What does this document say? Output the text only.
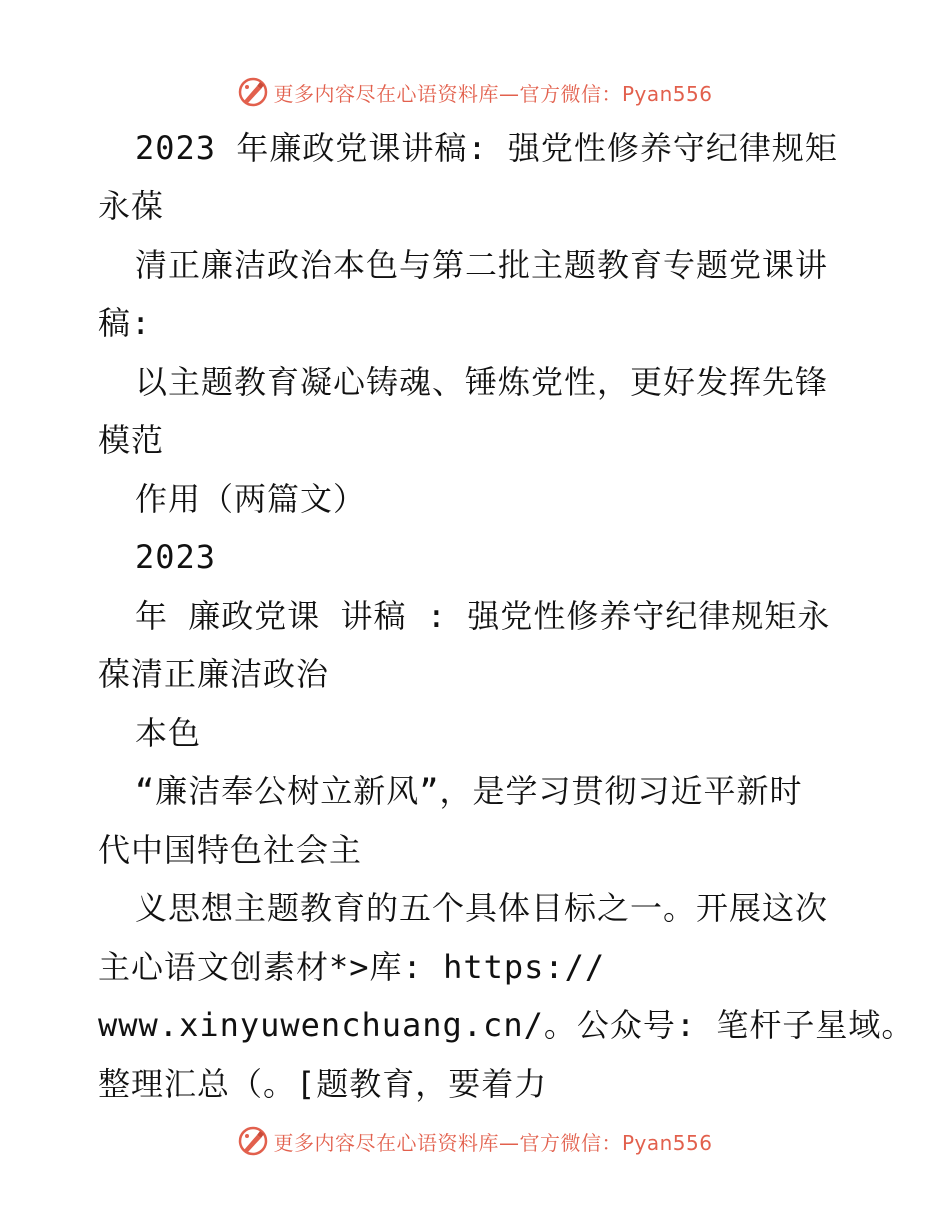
更多内容尽在心语资料库—官方微信：Pyan556
2023 年廉政党课讲稿: 强党性修养守纪律规矩
永葆
清正廉洁政治本色与第二批主题教育专题党课讲
稿:
以主题教育凝心铸魂、锤炼党性，更好发挥先锋
模范
作用（两篇文）
2023
年 廉政党课 讲稿 : 强党性修养守纪律规矩永
葆清正廉洁政治
本色
“廉洁奉公树立新风”，是学习贯彻习近平新时
代中国特色社会主
义思想主题教育的五个具体目标之一。开展这次
主心语文创素材*>库: https://
www.xinyuwenchuang.cn/。公众号: 笔杆子星域。
整理汇总（。[题教育，要着力
更多内容尽在心语资料库—官方微信：Pyan556
